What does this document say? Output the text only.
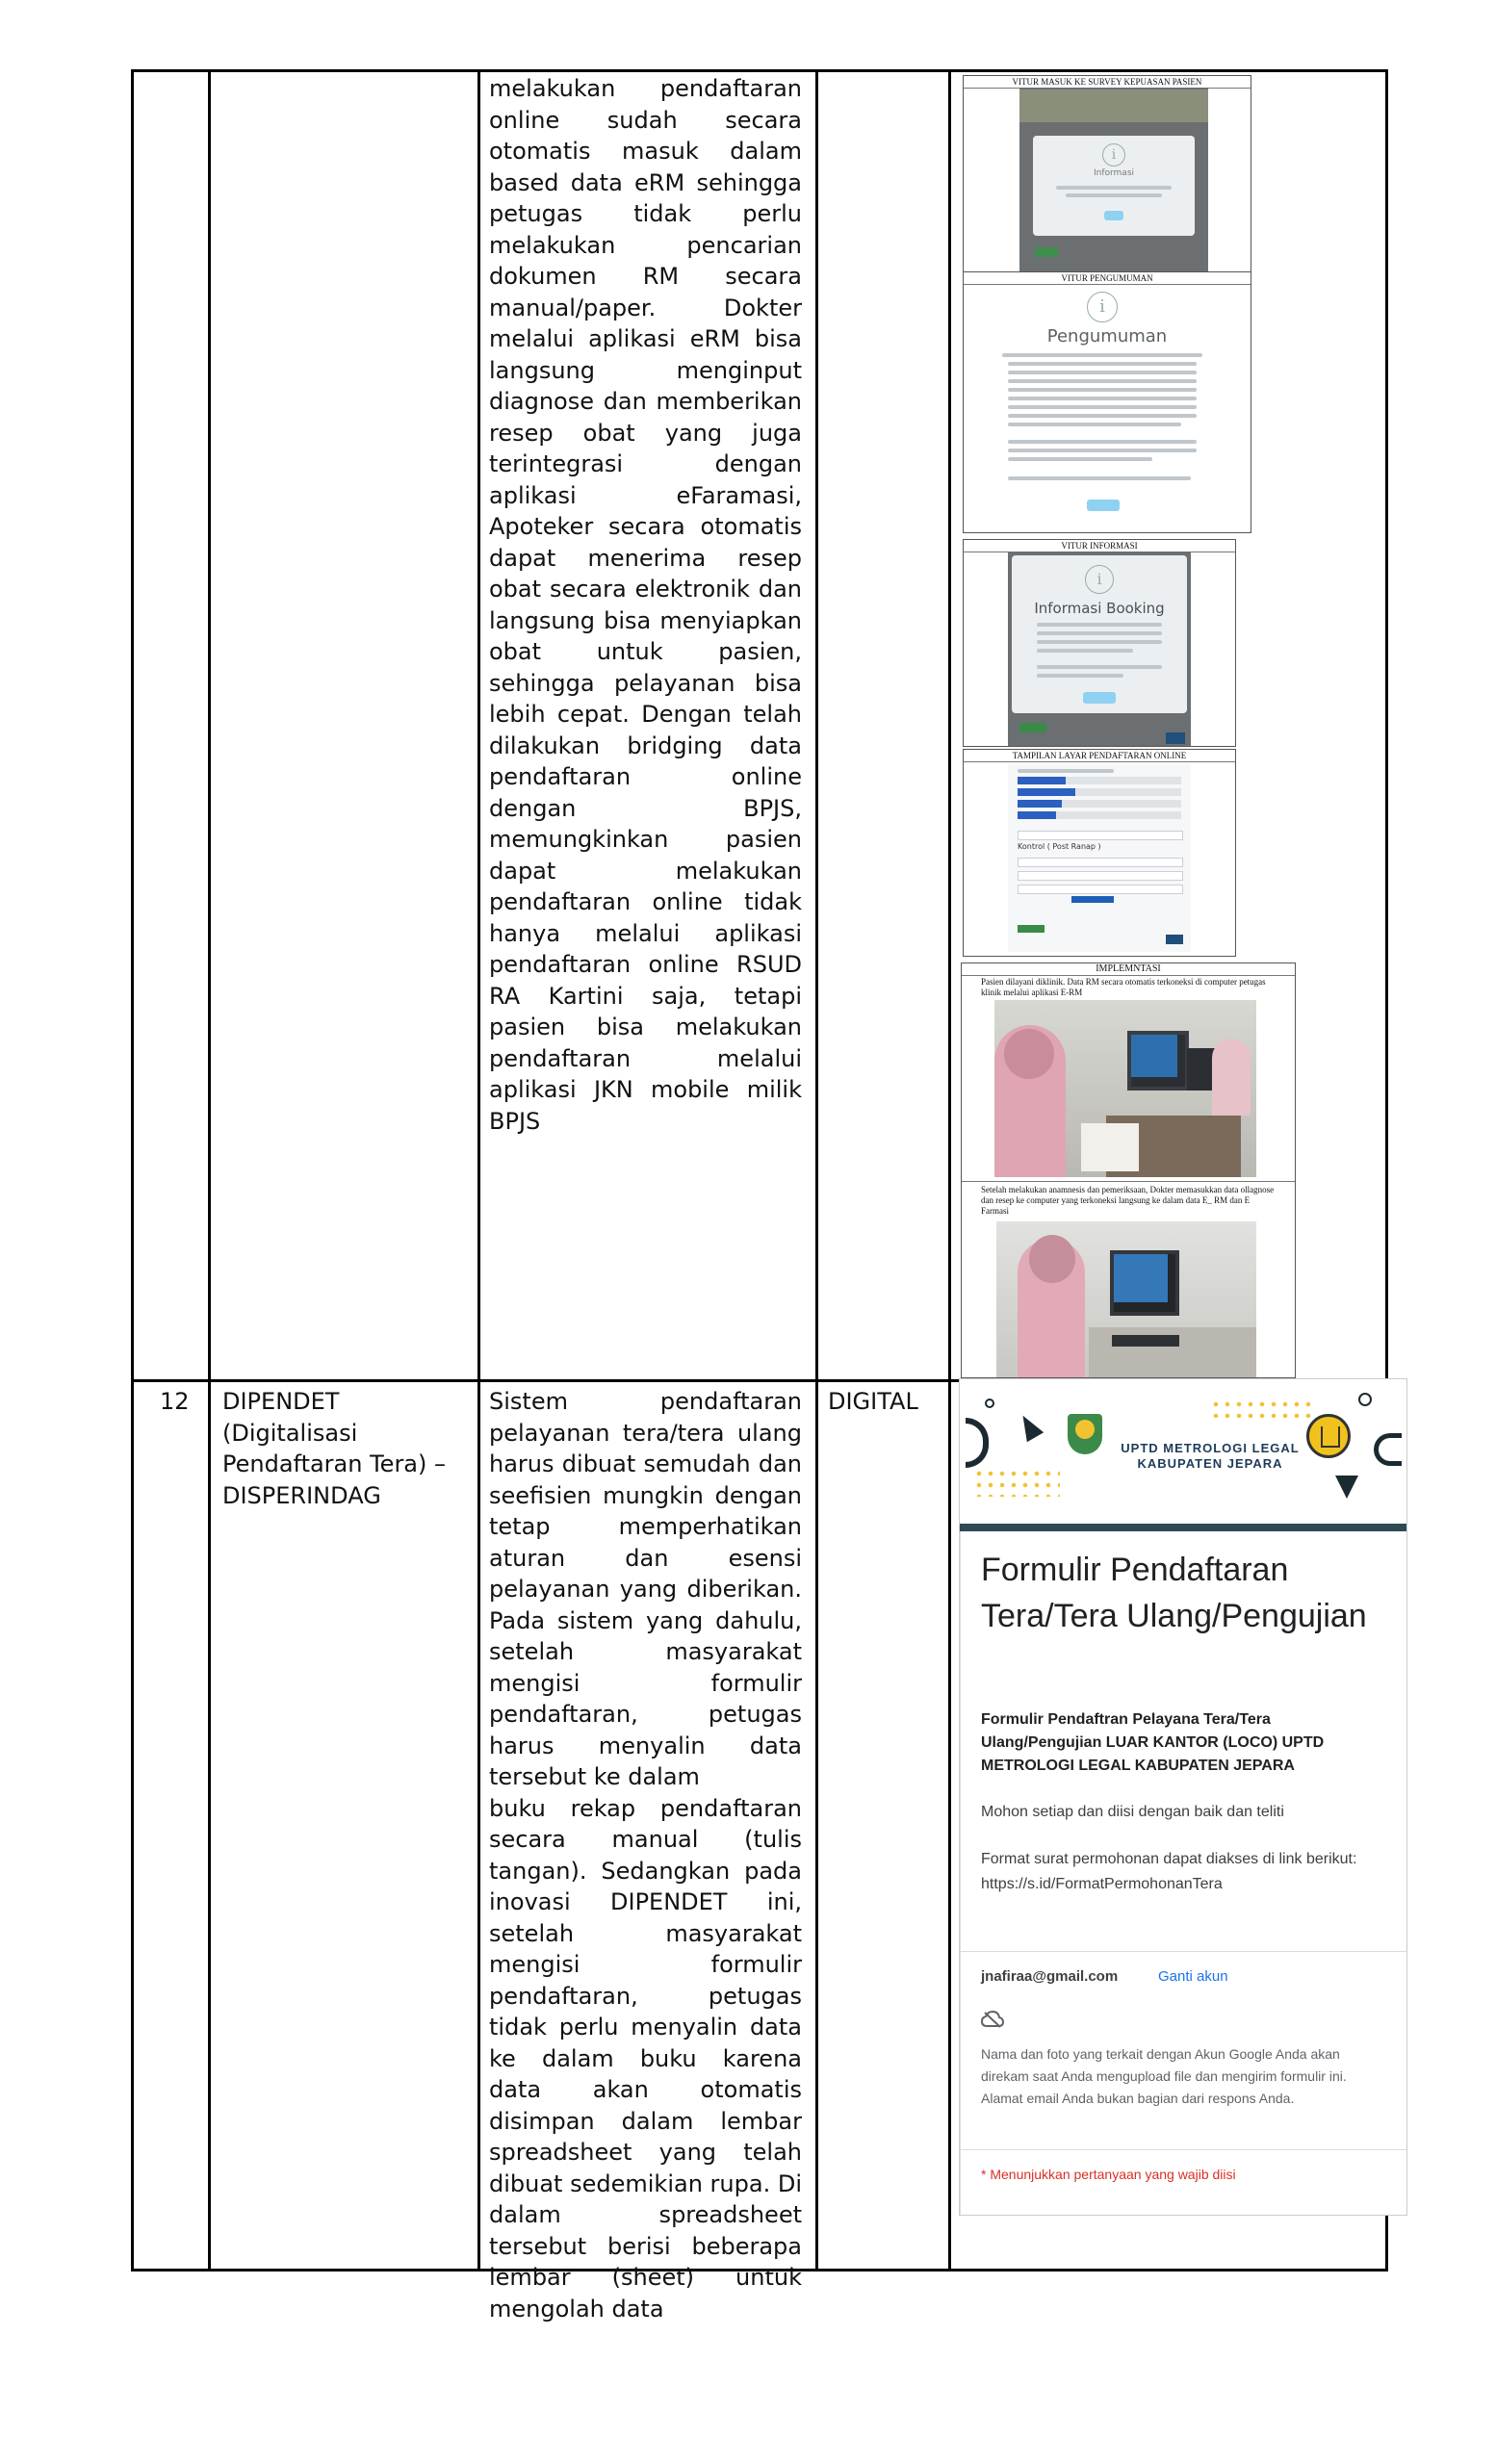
melakukan pendaftaran online sudah secara otomatis masuk dalam based data eRM sehingga petugas tidak perlu melakukan pencarian dokumen RM secara manual/paper. Dokter melalui aplikasi eRM bisa langsung menginput diagnose dan memberikan resep obat yang juga terintegrasi dengan aplikasi eFaramasi, Apoteker secara otomatis dapat menerima resep obat secara elektronik dan langsung bisa menyiapkan obat untuk pasien, sehingga pelayanan bisa lebih cepat. Dengan telah dilakukan bridging data pendaftaran online dengan BPJS, memungkinkan pasien dapat melakukan pendaftaran online tidak hanya melalui aplikasi pendaftaran online RSUD RA Kartini saja, tetapi pasien bisa melakukan pendaftaran melalui aplikasi JKN mobile milik BPJS

VITUR MASUK KE SURVEY KEPUASAN PASIEN
i
Informasi
VITUR PENGUMUMAN
i
Pengumuman
VITUR INFORMASI
i
Informasi Booking
TAMPILAN LAYAR PENDAFTARAN ONLINE
Kontrol ( Post Ranap )
IMPLEMNTASI
Pasien dilayani diklinik. Data RM secara otomatis terkoneksi di computer petugas klinik melalui aplikasi E-RM
Setelah melakukan anamnesis dan pemeriksaan, Dokter memasukkan data ollagnose dan resep ke computer yang terkoneksi langsung ke dalam data E_ RM dan E Farmasi
12	DIPENDET (Digitalisasi Pendaftaran Tera) – DISPERINDAG

Sistem pendaftaran pelayanan tera/tera ulang harus dibuat semudah dan seefisien mungkin dengan tetap memperhatikan aturan dan esensi pelayanan yang diberikan. Pada sistem yang dahulu, setelah masyarakat mengisi formulir pendaftaran, petugas harus menyalin data tersebut ke dalam

buku rekap pendaftaran secara manual (tulis tangan). Sedangkan pada inovasi DIPENDET ini, setelah masyarakat mengisi formulir pendaftaran, petugas tidak perlu menyalin data ke dalam buku karena data akan otomatis disimpan dalam lembar spreadsheet yang telah dibuat sedemikian rupa. Di dalam spreadsheet tersebut berisi beberapa lembar (sheet) untuk mengolah data

DIGITAL
UPTD METROLOGI LEGAL KABUPATEN JEPARA
Formulir Pendaftaran Tera/Tera Ulang/Pengujian
Formulir Pendaftran Pelayana Tera/Tera Ulang/Pengujian LUAR KANTOR (LOCO) UPTD METROLOGI LEGAL KABUPATEN JEPARA
Mohon setiap dan diisi dengan baik dan teliti
Format surat permohonan dapat diakses di link berikut: https://s.id/FormatPermohonanTera
jnafiraa@gmail.com	Ganti akun
Nama dan foto yang terkait dengan Akun Google Anda akan direkam saat Anda mengupload file dan mengirim formulir ini. Alamat email Anda bukan bagian dari respons Anda.
* Menunjukkan pertanyaan yang wajib diisi
